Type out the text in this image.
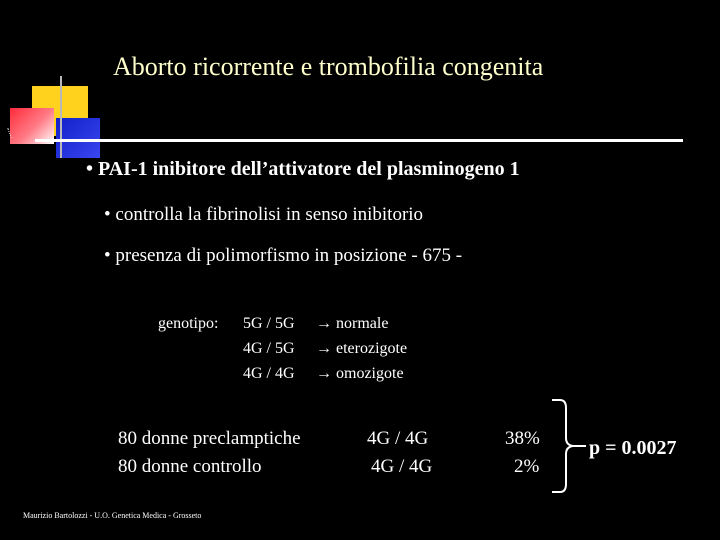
Aborto ricorrente e trombofilia congenita
• PAI-1 inibitore dell’attivatore del plasminogeno 1
• controlla la fibrinolisi in senso inibitorio
• presenza di polimorfismo in posizione - 675 -
genotipo: 5G / 5G → normale
4G / 5G → eterozigote
4G / 4G → omozigote
80 donne preclamptiche	4G / 4G	38%
80 donne controllo	4G / 4G	2%
p = 0.0027
Maurizio Bartolozzi - U.O. Genetica Medica - Grosseto
